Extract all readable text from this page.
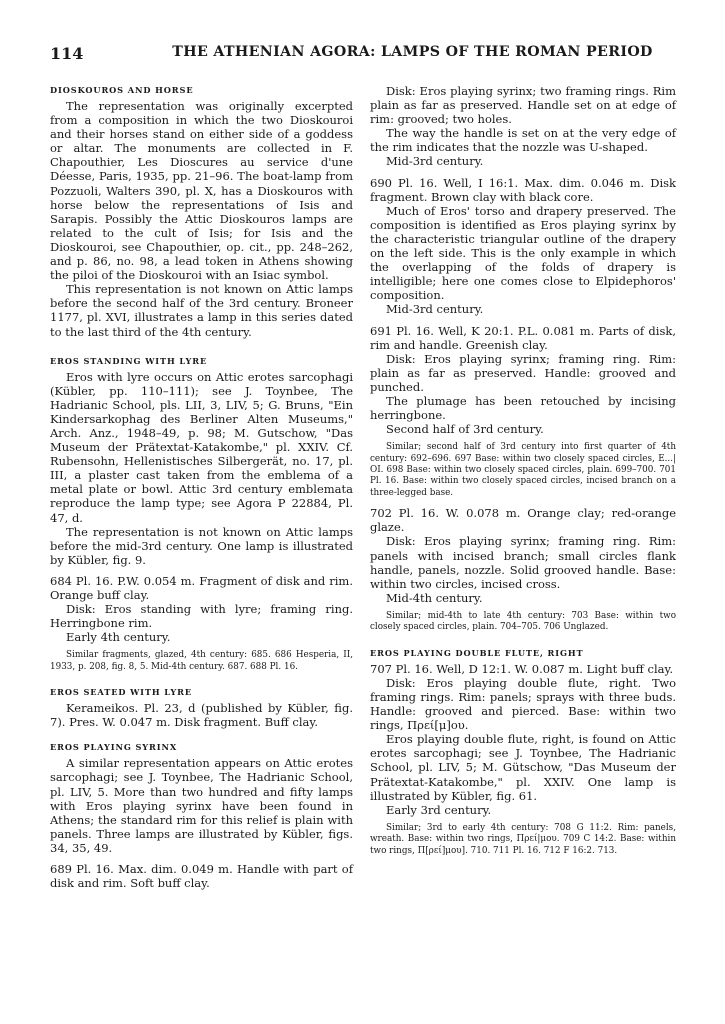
114	THE ATHENIAN AGORA: LAMPS OF THE ROMAN PERIOD
DIOSKOUROS AND HORSE

The representation was originally excerpted from a composition in which the two Dioskouroi and their horses stand on either side of a goddess or altar. The monuments are collected in F. Chapouthier, Les Dioscures au service d'une Déesse, Paris, 1935, pp. 21–96. The boat-lamp from Pozzuoli, Walters 390, pl. X, has a Dioskouros with horse below the representations of Isis and Sarapis. Possibly the Attic Dioskouros lamps are related to the cult of Isis; for Isis and the Dioskouroi, see Chapouthier, op. cit., pp. 248–262, and p. 86, no. 98, a lead token in Athens showing the piloi of the Dioskouroi with an Isiac symbol.

This representation is not known on Attic lamps before the second half of the 3rd century. Broneer 1177, pl. XVI, illustrates a lamp in this series dated to the last third of the 4th century.

EROS STANDING WITH LYRE

Eros with lyre occurs on Attic erotes sarcophagi (Kübler, pp. 110–111); see J. Toynbee, The Hadrianic School, pls. LII, 3, LIV, 5; G. Bruns, "Ein Kindersarkophag des Berliner Alten Museums," Arch. Anz., 1948–49, p. 98; M. Gutschow, "Das Museum der Prätextat-Katakombe," pl. XXIV. Cf. Rubensohn, Hellenistisches Silbergerät, no. 17, pl. III, a plaster cast taken from the emblema of a metal plate or bowl. Attic 3rd century emblemata reproduce the lamp type; see Agora P 22884, Pl. 47, d.

The representation is not known on Attic lamps before the mid-3rd century. One lamp is illustrated by Kübler, fig. 9.

684 Pl. 16. P.W. 0.054 m. Fragment of disk and rim. Orange buff clay.

Disk: Eros standing with lyre; framing ring. Herringbone rim.

Early 4th century.

Similar fragments, glazed, 4th century: 685. 686 Hesperia, II, 1933, p. 208, fig. 8, 5. Mid-4th century. 687. 688 Pl. 16.

EROS SEATED WITH LYRE

Kerameikos. Pl. 23, d (published by Kübler, fig. 7). Pres. W. 0.047 m. Disk fragment. Buff clay.

EROS PLAYING SYRINX

A similar representation appears on Attic erotes sarcophagi; see J. Toynbee, The Hadrianic School, pl. LIV, 5. More than two hundred and fifty lamps with Eros playing syrinx have been found in Athens; the standard rim for this relief is plain with panels. Three lamps are illustrated by Kübler, figs. 34, 35, 49.

689 Pl. 16. Max. dim. 0.049 m. Handle with part of disk and rim. Soft buff clay.

Disk: Eros playing syrinx; two framing rings. Rim plain as far as preserved. Handle set on at edge of rim: grooved; two holes.

The way the handle is set on at the very edge of the rim indicates that the nozzle was U-shaped.

Mid-3rd century.

690 Pl. 16. Well, I 16:1. Max. dim. 0.046 m. Disk fragment. Brown clay with black core.

Much of Eros' torso and drapery preserved. The composition is identified as Eros playing syrinx by the characteristic triangular outline of the drapery on the left side. This is the only example in which the overlapping of the folds of drapery is intelligible; here one comes close to Elpidephoros' composition.

Mid-3rd century.

691 Pl. 16. Well, K 20:1. P.L. 0.081 m. Parts of disk, rim and handle. Greenish clay.

Disk: Eros playing syrinx; framing ring. Rim: plain as far as preserved. Handle: grooved and punched.

The plumage has been retouched by incising herringbone.

Second half of 3rd century.

Similar; second half of 3rd century into first quarter of 4th century: 692–696. 697 Base: within two closely spaced circles, Ε...|ΟΙ. 698 Base: within two closely spaced circles, plain. 699–700. 701 Pl. 16. Base: within two closely spaced circles, incised branch on a three-legged base.

702 Pl. 16. W. 0.078 m. Orange clay; red-orange glaze.

Disk: Eros playing syrinx; framing ring. Rim: panels with incised branch; small circles flank handle, panels, nozzle. Solid grooved handle. Base: within two circles, incised cross.

Mid-4th century.

Similar; mid-4th to late 4th century: 703 Base: within two closely spaced circles, plain. 704–705. 706 Unglazed.

EROS PLAYING DOUBLE FLUTE, RIGHT

707 Pl. 16. Well, D 12:1. W. 0.087 m. Light buff clay.

Disk: Eros playing double flute, right. Two framing rings. Rim: panels; sprays with three buds. Handle: grooved and pierced. Base: within two rings, Πρεί[μ]ου.

Eros playing double flute, right, is found on Attic erotes sarcophagi; see J. Toynbee, The Hadrianic School, pl. LIV, 5; M. Gütschow, "Das Museum der Prätextat-Katakombe," pl. XXIV. One lamp is illustrated by Kübler, fig. 61.

Early 3rd century.

Similar; 3rd to early 4th century: 708 G 11:2. Rim: panels, wreath. Base: within two rings, Πρεί|μου. 709 C 14:2. Base: within two rings, Π[ρεί]μου]. 710. 711 Pl. 16. 712 F 16:2. 713.
